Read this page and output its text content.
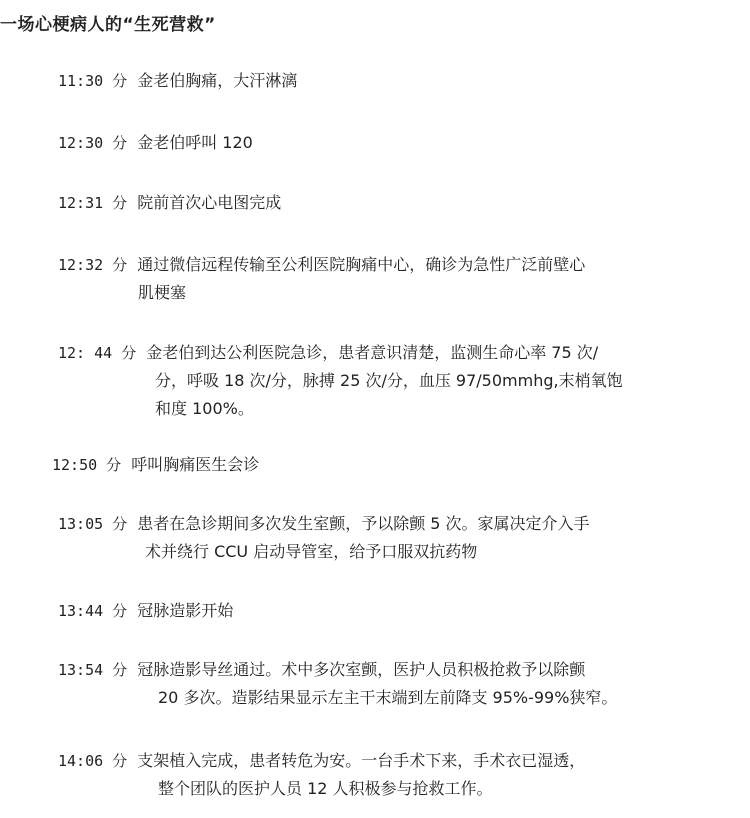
一场心梗病人的“生死营救”
11:30 分 金老伯胸痛，大汗淋漓
12:30 分 金老伯呼叫 120
12:31 分 院前首次心电图完成
12:32 分 通过微信远程传输至公利医院胸痛中心，确诊为急性广泛前壁心
肌梗塞
12: 44 分 金老伯到达公利医院急诊，患者意识清楚，监测生命心率 75 次/
分，呼吸 18 次/分，脉搏 25 次/分，血压 97/50mmhg,末梢氧饱
和度 100%。
12:50 分 呼叫胸痛医生会诊
13:05 分 患者在急诊期间多次发生室颤，予以除颤 5 次。家属决定介入手
术并绕行 CCU 启动导管室，给予口服双抗药物
13:44 分 冠脉造影开始
13:54 分 冠脉造影导丝通过。术中多次室颤，医护人员积极抢救予以除颤
20 多次。造影结果显示左主干末端到左前降支 95%-99%狭窄。
14:06 分 支架植入完成，患者转危为安。一台手术下来，手术衣已湿透，
整个团队的医护人员 12 人积极参与抢救工作。
